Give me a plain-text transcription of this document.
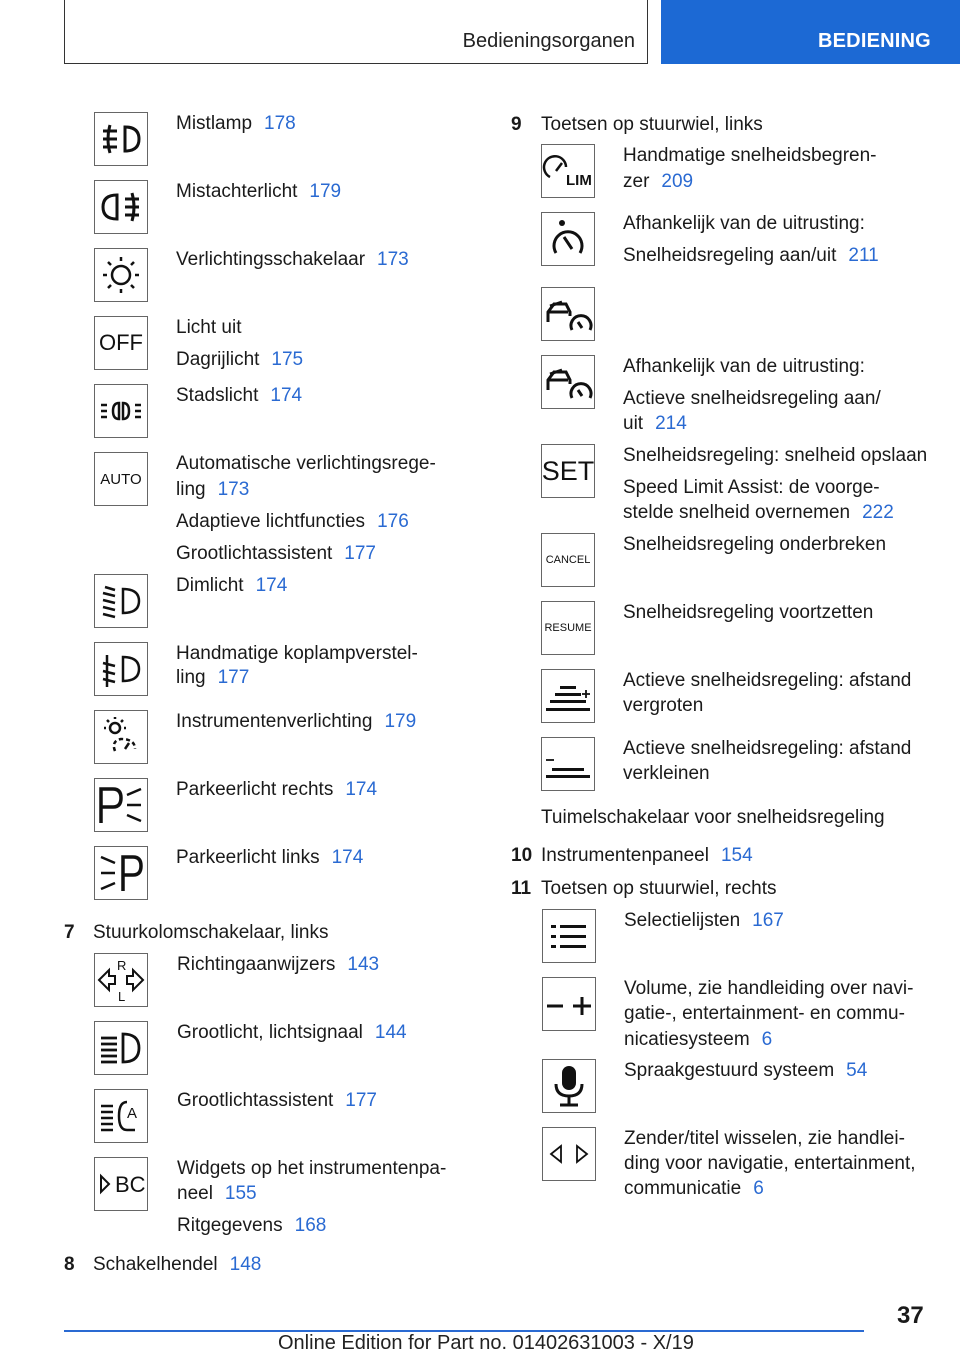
Bedieningsorganen	BEDIENING
Mistlamp 178
Mistachterlicht 179
Verlichtingsschakelaar 173
OFF
Licht uit
Dagrijlicht 175
Stadslicht 174
AUTO
Automatische verlichtingsrege-
ling 173
Adaptieve lichtfuncties 176
Grootlichtassistent 177
Dimlicht 174
Handmatige koplampverstel-
ling 177
Instrumentenverlichting 179
Parkeerlicht rechts 174
Parkeerlicht links 174
7 Stuurkolomschakelaar, links
R
L
Richtingaanwijzers 143
Grootlicht, lichtsignaal 144
A
Grootlichtassistent 177
BC
Widgets op het instrumentenpa-
neel 155
Ritgegevens 168
8 Schakelhendel 148
9 Toetsen op stuurwiel, links
LIM
Handmatige snelheidsbegren-
zer 209
Afhankelijk van de uitrusting:
Snelheidsregeling aan/uit 211
Afhankelijk van de uitrusting:
Actieve snelheidsregeling aan/
uit 214
SET Snelheidsregeling: snelheid opslaan
Speed Limit Assist: de voorge-
stelde snelheid overnemen 222
CANCEL
Snelheidsregeling onderbreken
RESUME
Snelheidsregeling voortzetten
Actieve snelheidsregeling: afstand
vergroten
Actieve snelheidsregeling: afstand
verkleinen
Tuimelschakelaar voor snelheidsregeling
10 Instrumentenpaneel 154
11 Toetsen op stuurwiel, rechts
Selectielijsten 167
Volume, zie handleiding over navi-
gatie-, entertainment- en commu-
nicatiesysteem 6
Spraakgestuurd systeem 54
Zender/titel wisselen, zie handlei-
ding voor navigatie, entertainment,
communicatie 6
37
Online Edition for Part no. 01402631003 - X/19
